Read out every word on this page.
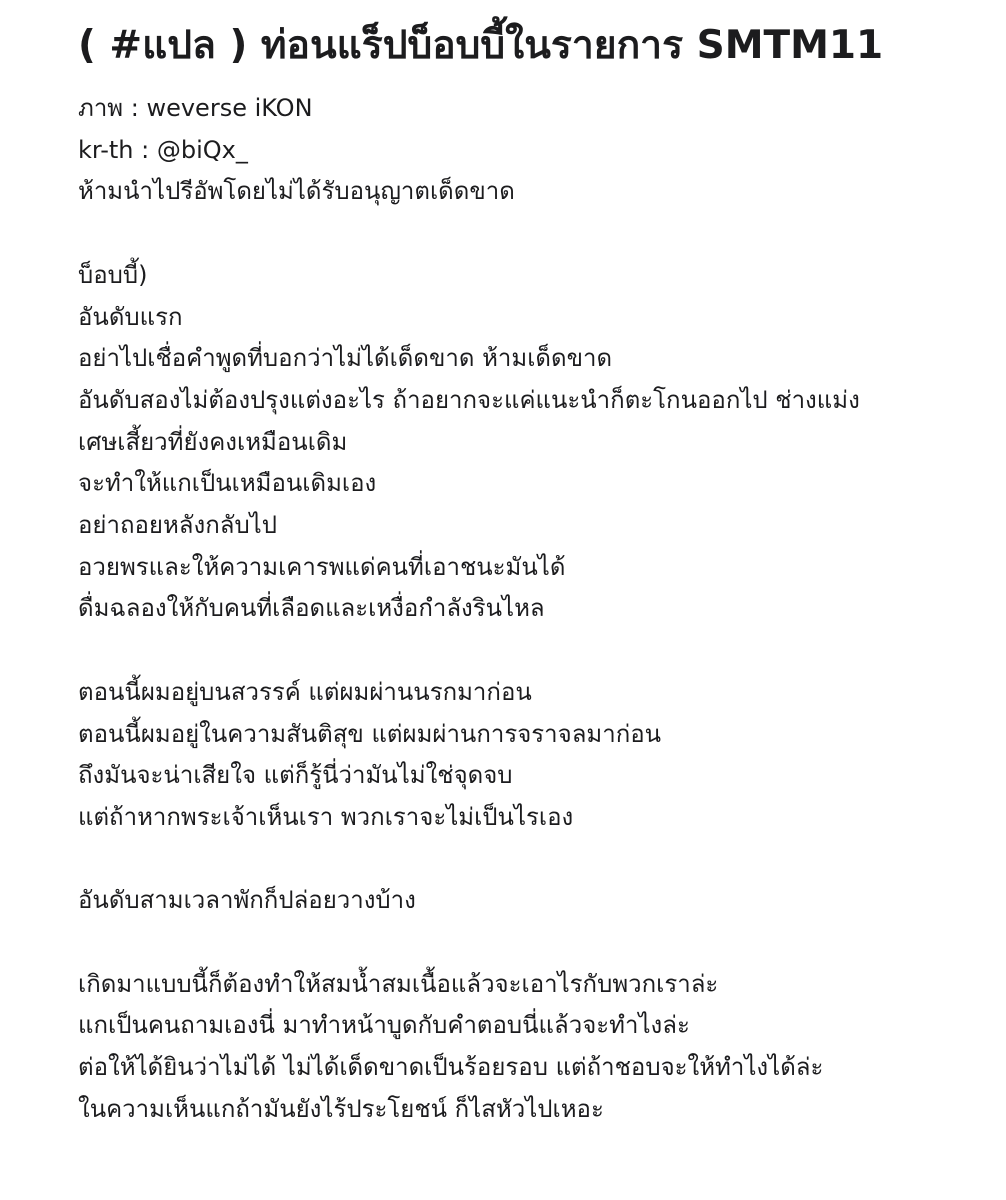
( #แปล ) ท่อนแร็ปบ็อบบี้ในรายการ SMTM11
ภาพ : weverse iKON
kr-th : @biQx_
ห้ามนำไปรีอัพโดยไม่ได้รับอนุญาตเด็ดขาด
บ็อบบี้)
อันดับแรก
อย่าไปเชื่อคำพูดที่บอกว่าไม่ได้เด็ดขาด ห้ามเด็ดขาด
อันดับสองไม่ต้องปรุงแต่งอะไร ถ้าอยากจะแค่แนะนำก็ตะโกนออกไป ช่างแม่ง
เศษเสี้ยวที่ยังคงเหมือนเดิม
จะทำให้แกเป็นเหมือนเดิมเอง
อย่าถอยหลังกลับไป
อวยพรและให้ความเคารพแด่คนที่เอาชนะมันได้
ดื่มฉลองให้กับคนที่เลือดและเหงื่อกำลังรินไหล
ตอนนี้ผมอยู่บนสวรรค์ แต่ผมผ่านนรกมาก่อน
ตอนนี้ผมอยู่ในความสันติสุข แต่ผมผ่านการจราจลมาก่อน
ถึงมันจะน่าเสียใจ แต่ก็รู้นี่ว่ามันไม่ใช่จุดจบ
แต่ถ้าหากพระเจ้าเห็นเรา พวกเราจะไม่เป็นไรเอง
อันดับสามเวลาพักก็ปล่อยวางบ้าง
เกิดมาแบบนี้ก็ต้องทำให้สมน้ำสมเนื้อแล้วจะเอาไรกับพวกเราล่ะ
แกเป็นคนถามเองนี่ มาทำหน้าบูดกับคำตอบนี่แล้วจะทำไงล่ะ
ต่อให้ได้ยินว่าไม่ได้ ไม่ได้เด็ดขาดเป็นร้อยรอบ แต่ถ้าชอบจะให้ทำไงได้ล่ะ
ในความเห็นแกถ้ามันยังไร้ประโยชน์ ก็ไสหัวไปเหอะ
